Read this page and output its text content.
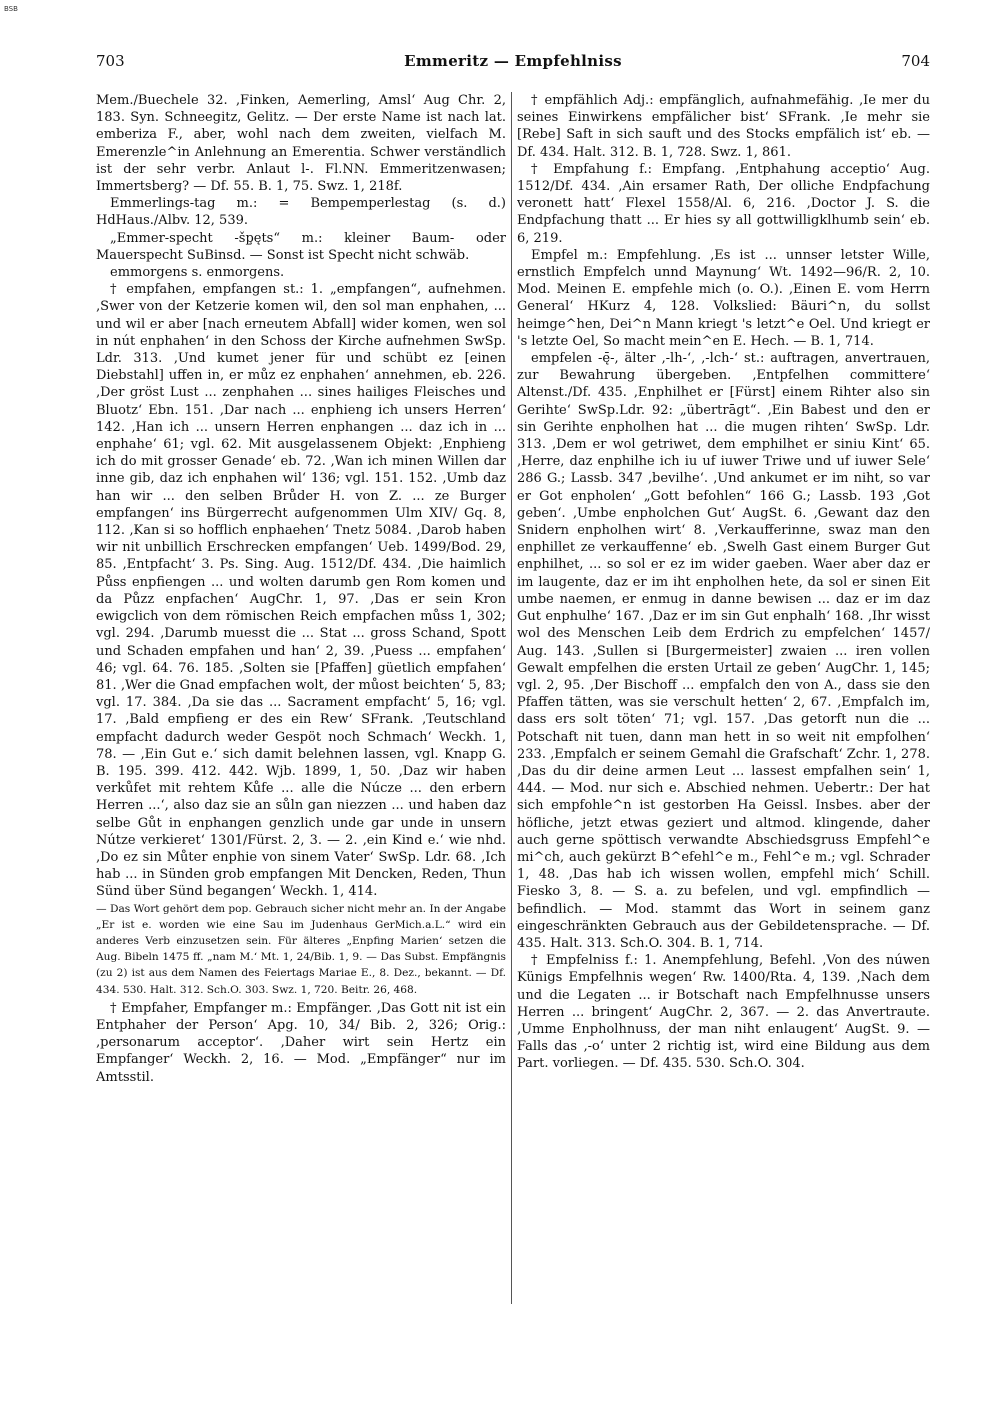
BSB
703	Emmeritz — Empfehlniss	704

Mem./Buechele 32. ‚Finken, Aemerling, Amsl‘ Aug Chr. 2, 183. Syn. Schneegitz, Gelitz. — Der erste Name ist nach lat. emberiza F., aber, wohl nach dem zweiten, vielfach M. Emerenzle^in Anlehnung an Emerentia. Schwer verständlich ist der sehr verbr. Anlaut l-. Fl.NN. Emmeritzenwasen; Immertsberg? — Df. 55. B. 1, 75. Swz. 1, 218f.

Emmerlings-tag m.: = Bempemperlestag (s. d.) HdHaus./Albv. 12, 539.

„Emmer-specht -šp̧ęts“ m.: kleiner Baum- oder Mauerspecht SuBinsd. — Sonst ist Specht nicht schwäb.

emmorgens s. enmorgens.

† empfahen, empfangen st.: 1. „empfangen“, aufnehmen. ‚Swer von der Ketzerie komen wil, den sol man enphahen, ... und wil er aber [nach erneutem Abfall] wider komen, wen sol in nút enphahen‘ in den Schoss der Kirche aufnehmen SwSp. Ldr. 313. ‚Und kumet jener für und schübt ez [einen Diebstahl] uffen in, er můz ez enphahen‘ annehmen, eb. 226. ‚Der gröst Lust ... zenphahen ... sines hailiges Fleisches und Bluotz‘ Ebn. 151. ‚Dar nach ... enphieng ich unsers Herren‘ 142. ‚Han ich ... unsern Herren enphangen ... daz ich in ... enphahe‘ 61; vgl. 62. Mit ausgelassenem Objekt: ‚Enphieng ich do mit grosser Genade‘ eb. 72. ‚Wan ich minen Willen dar inne gib, daz ich enphahen wil‘ 136; vgl. 151. 152. ‚Umb daz han wir ... den selben Brůder H. von Z. ... ze Burger empfangen‘ ins Bürgerrecht aufgenommen Ulm XIV/ Gq. 8, 112. ‚Kan si so hofflich enphaehen‘ Tnetz 5084. ‚Darob haben wir nit unbillich Erschrecken empfangen‘ Ueb. 1499/Bod. 29, 85. ‚Entpfacht‘ 3. Ps. Sing. Aug. 1512/Df. 434. ‚Die haimlich Půss enpfiengen ... und wolten darumb gen Rom komen und da Půzz enpfachen‘ AugChr. 1, 97. ‚Das er sein Kron ewigclich von dem römischen Reich empfachen můss 1, 302; vgl. 294. ‚Darumb muesst die ... Stat ... gross Schand, Spott und Schaden empfahen und han‘ 2, 39. ‚Puess ... empfahen‘ 46; vgl. 64. 76. 185. ‚Solten sie [Pfaffen] güetlich empfahen‘ 81. ‚Wer die Gnad empfachen wolt, der můost beichten‘ 5, 83; vgl. 17. 384. ‚Da sie das ... Sacrament empfacht‘ 5, 16; vgl. 17. ‚Bald empfieng er des ein Rew‘ SFrank. ‚Teutschland empfacht dadurch weder Gespöt noch Schmach‘ Weckh. 1, 78. — ‚Ein Gut e.‘ sich damit belehnen lassen, vgl. Knapp G. B. 195. 399. 412. 442. Wjb. 1899, 1, 50. ‚Daz wir haben verkůfet mit rehtem Kůfe ... alle die Núcze ... den erbern Herren ...‘, also daz sie an sůln gan niezzen ... und haben daz selbe Gůt in enphangen genzlich unde gar unde in unsern Nútze verkieret‘ 1301/Fürst. 2, 3. — 2. ‚ein Kind e.‘ wie nhd. ‚Do ez sin Můter enphie von sinem Vater‘ SwSp. Ldr. 68. ‚Ich hab ... in Sünden grob empfangen Mit Dencken, Reden, Thun Sünd über Sünd begangen‘ Weckh. 1, 414.

— Das Wort gehört dem pop. Gebrauch sicher nicht mehr an. In der Angabe „Er ist e. worden wie eine Sau im Judenhaus GerMich.a.L.“ wird ein anderes Verb einzusetzen sein. Für älteres „Enpfing Marien‘ setzen die Aug. Bibeln 1475 ff. „nam M.‘ Mt. 1, 24/Bib. 1, 9. — Das Subst. Empfängnis (zu 2) ist aus dem Namen des Feiertags Mariae E., 8. Dez., bekannt. — Df. 434. 530. Halt. 312. Sch.O. 303. Swz. 1, 720. Beitr. 26, 468.

† Empfaher, Empfanger m.: Empfänger. ‚Das Gott nit ist ein Entphaher der Person‘ Apg. 10, 34/ Bib. 2, 326; Orig.: ‚personarum acceptor‘. ‚Daher wirt sein Hertz ein Empfanger‘ Weckh. 2, 16. — Mod. „Empfänger“ nur im Amtsstil.

† empfählich Adj.: empfänglich, aufnahmefähig. ‚Ie mer du seines Einwirkens empfälicher bist‘ SFrank. ‚Ie mehr sie [Rebe] Saft in sich sauft und des Stocks empfälich ist‘ eb. — Df. 434. Halt. 312. B. 1, 728. Swz. 1, 861.

† Empfahung f.: Empfang. ‚Entphahung acceptio‘ Aug. 1512/Df. 434. ‚Ain ersamer Rath, Der olliche Endpfachung veronett hatt‘ Flexel 1558/Al. 6, 216. ‚Doctor J. S. die Endpfachung thatt ... Er hies sy all gottwilligklhumb sein‘ eb. 6, 219.

Empfel m.: Empfehlung. ‚Es ist ... unnser letster Wille, ernstlich Empfelch unnd Maynung‘ Wt. 1492—96/R. 2, 10. Mod. Meinen E. empfehle mich (o. O.). ‚Einen E. vom Herrn General‘ HKurz 4, 128. Volkslied: Bäuri^n, du sollst heimge^hen, Dei^n Mann kriegt 's letzt^e Oel. Und kriegt er 's letzte Oel, So macht mein^en E. Hech. — B. 1, 714.

empfelen -ę̄-, älter ‚-lh-‘, ‚-lch-‘ st.: auftragen, anvertrauen, zur Bewahrung übergeben. ‚Entpfelhen committere‘ Altenst./Df. 435. ‚Enphilhet er [Fürst] einem Rihter also sin Gerihte‘ SwSp.Ldr. 92: „übertrāgt“. ‚Ein Babest und den er sin Gerihte enpholhen hat ... die mugen rihten‘ SwSp. Ldr. 313. ‚Dem er wol getriwet, dem emphilhet er siniu Kint‘ 65. ‚Herre, daz enphilhe ich iu uf iuwer Triwe und uf iuwer Sele‘ 286 G.; Lassb. 347 ‚bevilhe‘. ‚Und ankumet er im niht, so var er Got enpholen‘ „Gott befohlen“ 166 G.; Lassb. 193 ‚Got geben‘. ‚Umbe enpholchen Gut‘ AugSt. 6. ‚Gewant daz den Snidern enpholhen wirt‘ 8. ‚Verkaufferinne, swaz man den enphillet ze verkauffenne‘ eb. ‚Swelh Gast einem Burger Gut enphilhet, ... so sol er ez im wider gaeben. Waer aber daz er im laugente, daz er im iht enpholhen hete, da sol er sinen Eit umbe naemen, er enmug in danne bewisen ... daz er im daz Gut enphulhe‘ 167. ‚Daz er im sin Gut enphalh‘ 168. ‚Ihr wisst wol des Menschen Leib dem Erdrich zu empfelchen‘ 1457/ Aug. 143. ‚Sullen si [Burgermeister] zwaien ... iren vollen Gewalt empfelhen die ersten Urtail ze geben‘ AugChr. 1, 145; vgl. 2, 95. ‚Der Bischoff ... empfalch den von A., dass sie den Pfaffen tätten, was sie verschult hetten‘ 2, 67. ‚Empfalch im, dass ers solt töten‘ 71; vgl. 157. ‚Das getorft nun die ... Potschaft nit tuen, dann man hett in so weit nit empfolhen‘ 233. ‚Empfalch er seinem Gemahl die Grafschaft‘ Zchr. 1, 278. ‚Das du dir deine armen Leut ... lassest empfalhen sein‘ 1, 444. — Mod. nur sich e. Abschied nehmen. Uebertr.: Der hat sich empfohle^n ist gestorben Ha Geissl. Insbes. aber der höfliche, jetzt etwas geziert und altmod. klingende, daher auch gerne spöttisch verwandte Abschiedsgruss Empfehl^e mi^ch, auch gekürzt B^efehl^e m., Fehl^e m.; vgl. Schrader 1, 48. ‚Das hab ich wissen wollen, empfehl mich‘ Schill. Fiesko 3, 8. — S. a. zu befelen, und vgl. empfindlich — befindlich. — Mod. stammt das Wort in seinem ganz eingeschränkten Gebrauch aus der Gebildetensprache. — Df. 435. Halt. 313. Sch.O. 304. B. 1, 714.

† Empfelniss f.: 1. Anempfehlung, Befehl. ‚Von des núwen Künigs Empfelhnis wegen‘ Rw. 1400/Rta. 4, 139. ‚Nach dem und die Legaten ... ir Botschaft nach Empfelhnusse unsers Herren ... bringent‘ AugChr. 2, 367. — 2. das Anvertraute. ‚Umme Enpholhnuss, der man niht enlaugent‘ AugSt. 9. — Falls das ‚-o‘ unter 2 richtig ist, wird eine Bildung aus dem Part. vorliegen. — Df. 435. 530. Sch.O. 304.
